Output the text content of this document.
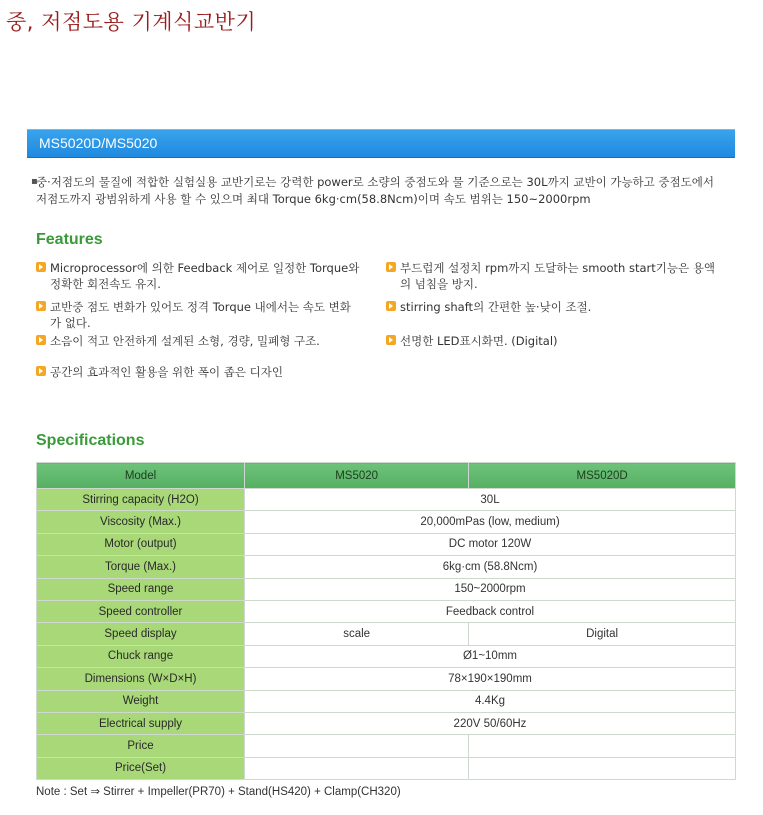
중, 저점도용 기계식교반기
MS5020D/MS5020
▪
중·저점도의 물질에 적합한 실험실용 교반기로는 강력한 power로 소량의 중점도와 물 기준으로는 30L까지 교반이 가능하고 중점도에서
저점도까지 광범위하게 사용 할 수 있으며 최대 Torque 6kg·cm(58.8Ncm)이며 속도 범위는 150~2000rpm
Features
Microprocessor에 의한 Feedback 제어로 일정한 Torque와
정확한 회전속도 유지.
교반중 점도 변화가 있어도 정격 Torque 내에서는 속도 변화
가 없다.
소음이 적고 안전하게 설계된 소형, 경량, 밀폐형 구조.
공간의 효과적인 활용을 위한 폭이 좁은 디자인
부드럽게 설정치 rpm까지 도달하는 smooth start기능은 용액
의 넘침을 방지.
stirring shaft의 간편한 높·낮이 조절.
선명한 LED표시화면. (Digital)
Specifications
Model	MS5020	MS5020D
Stirring capacity (H2O)	30L	
Viscosity (Max.)	20,000mPas (low, medium)	
Motor (output)	DC motor 120W	
Torque (Max.)	6kg·cm (58.8Ncm)	
Speed range	150~2000rpm	
Speed controller	Feedback control	
Speed display	scale	Digital
Chuck range	Ø1~10mm	
Dimensions (W×D×H)	78×190×190mm	
Weight	4.4Kg	
Electrical supply	220V 50/60Hz	
Price		
Price(Set)		
Note : Set ⇒ Stirrer + Impeller(PR70) + Stand(HS420) + Clamp(CH320)
